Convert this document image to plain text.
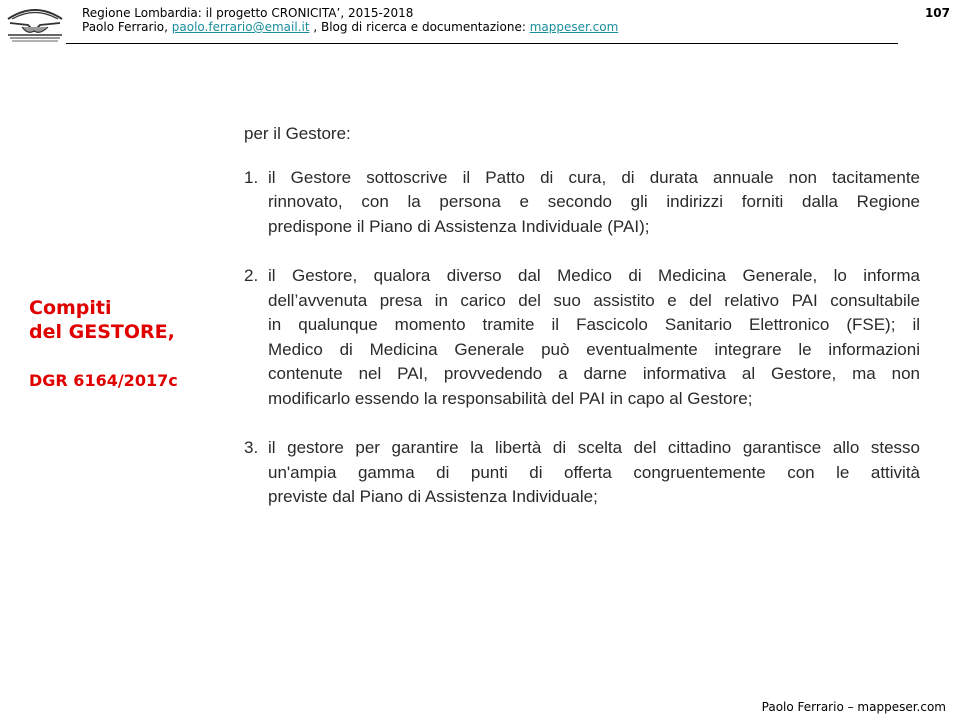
Regione Lombardia: il progetto CRONICITA’, 2015-2018
Paolo Ferrario, paolo.ferrario@email.it , Blog di ricerca e documentazione: mappeser.com
107
Compiti
del GESTORE,
DGR 6164/2017c
per il Gestore:
1. il Gestore sottoscrive il Patto di cura, di durata annuale non tacitamente
rinnovato, con la persona e secondo gli indirizzi forniti dalla Regione
predispone il Piano di Assistenza Individuale (PAI);
2. il Gestore, qualora diverso dal Medico di Medicina Generale, lo informa
dell’avvenuta presa in carico del suo assistito e del relativo PAI consultabile
in qualunque momento tramite il Fascicolo Sanitario Elettronico (FSE); il
Medico di Medicina Generale può eventualmente integrare le informazioni
contenute nel PAI, provvedendo a darne informativa al Gestore, ma non
modificarlo essendo la responsabilità del PAI in capo al Gestore;
3. il gestore per garantire la libertà di scelta del cittadino garantisce allo stesso
un'ampia gamma di punti di offerta congruentemente con le attività
previste dal Piano di Assistenza Individuale;
Paolo Ferrario – mappeser.com
